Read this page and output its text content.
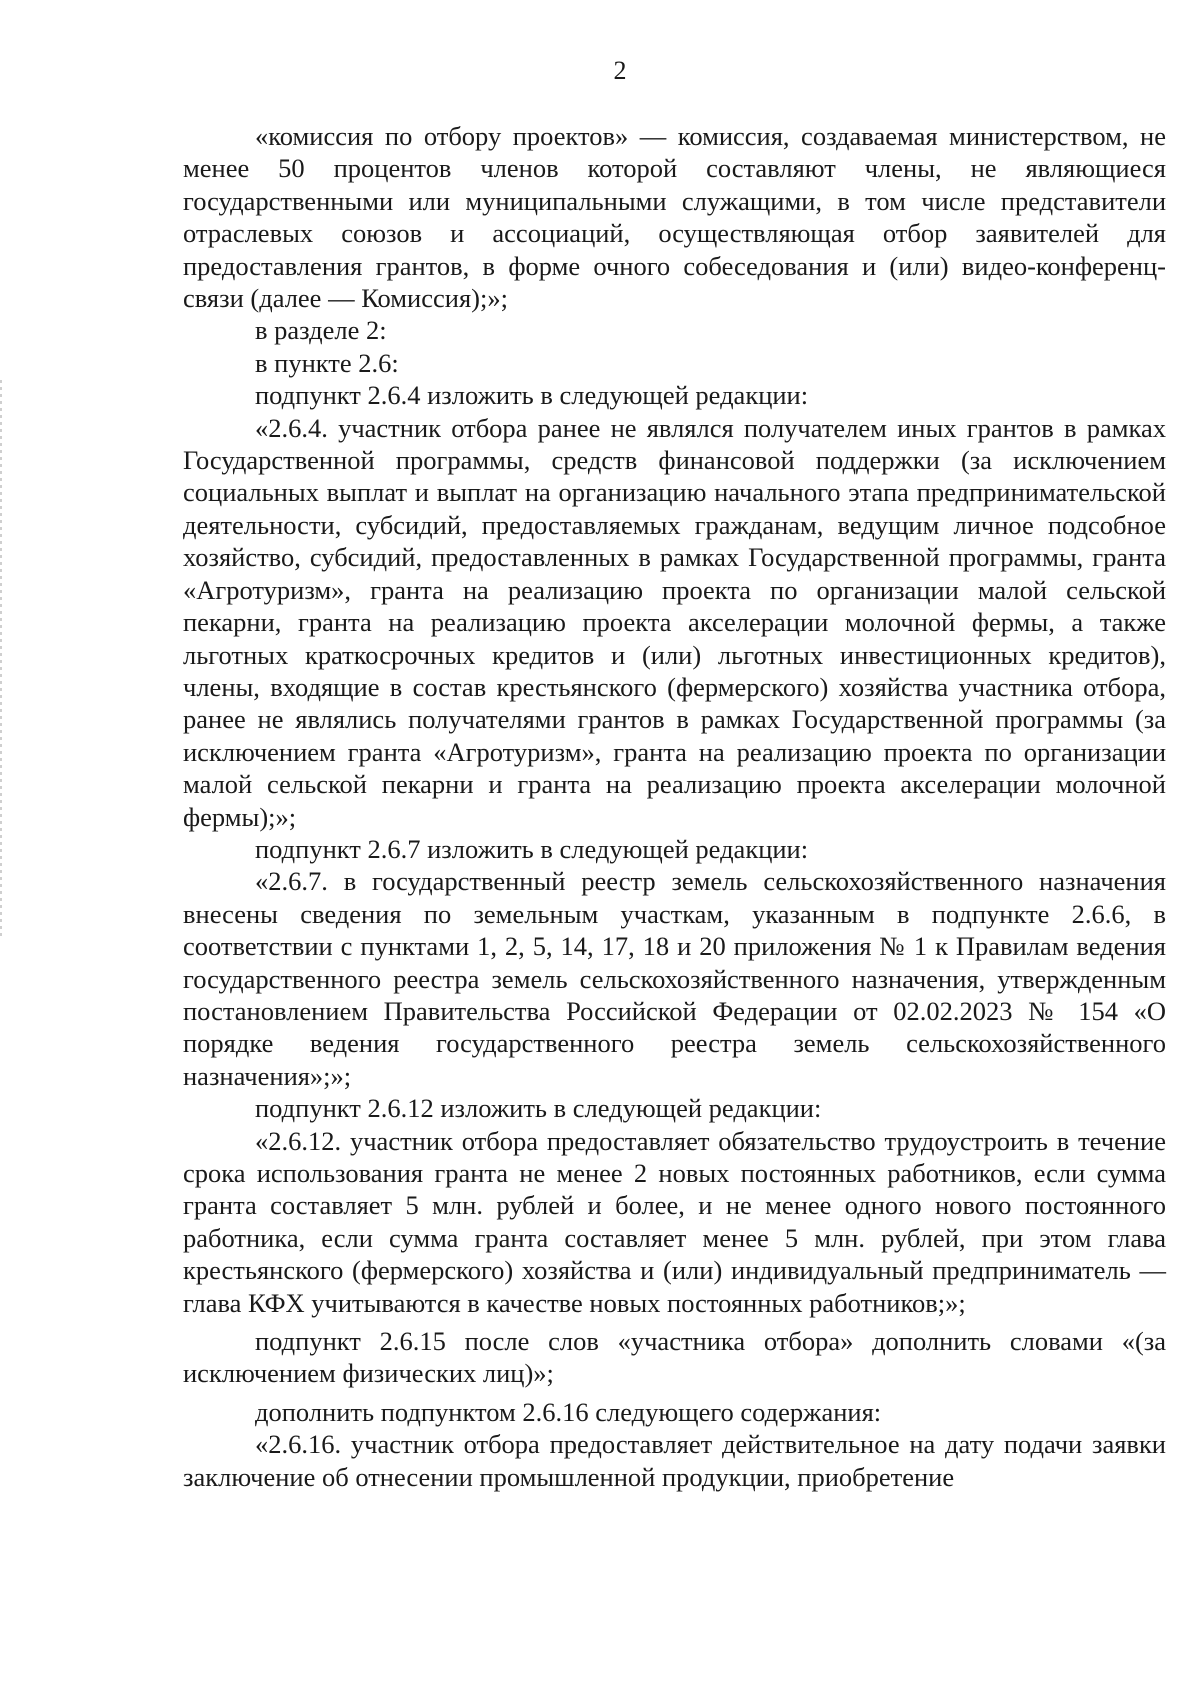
2

«комиссия по отбору проектов» — комиссия, создаваемая министерством, не менее 50 процентов членов которой составляют члены, не являющиеся государственными или муниципальными служащими, в том числе представители отраслевых союзов и ассоциаций, осуществляющая отбор заявителей для предоставления грантов, в форме очного собеседования и (или) видео-конференц-связи (далее — Комиссия);»;

в разделе 2:

в пункте 2.6:

подпункт 2.6.4 изложить в следующей редакции:

«2.6.4. участник отбора ранее не являлся получателем иных грантов в рамках Государственной программы, средств финансовой поддержки (за исключением социальных выплат и выплат на организацию начального этапа предпринимательской деятельности, субсидий, предоставляемых гражданам, ведущим личное подсобное хозяйство, субсидий, предоставленных в рамках Государственной программы, гранта «Агротуризм», гранта на реализацию проекта по организации малой сельской пекарни, гранта на реализацию проекта акселерации молочной фермы, а также льготных краткосрочных кредитов и (или) льготных инвестиционных кредитов), члены, входящие в состав крестьянского (фермерского) хозяйства участника отбора, ранее не являлись получателями грантов в рамках Государственной программы (за исключением гранта «Агротуризм», гранта на реализацию проекта по организации малой сельской пекарни и гранта на реализацию проекта акселерации молочной фермы);»;

подпункт 2.6.7 изложить в следующей редакции:

«2.6.7. в государственный реестр земель сельскохозяйственного назначения внесены сведения по земельным участкам, указанным в подпункте 2.6.6, в соответствии с пунктами 1, 2, 5, 14, 17, 18 и 20 приложения № 1 к Правилам ведения государственного реестра земель сельскохозяйственного назначения, утвержденным постановлением Правительства Российской Федерации от 02.02.2023 № 154 «О порядке ведения государственного реестра земель сельскохозяйственного назначения»;»;

подпункт 2.6.12 изложить в следующей редакции:

«2.6.12. участник отбора предоставляет обязательство трудоустроить в течение срока использования гранта не менее 2 новых постоянных работников, если сумма гранта составляет 5 млн. рублей и более, и не менее одного нового постоянного работника, если сумма гранта составляет менее 5 млн. рублей, при этом глава крестьянского (фермерского) хозяйства и (или) индивидуальный предприниматель — глава КФХ учитываются в качестве новых постоянных работников;»;

подпункт 2.6.15 после слов «участника отбора» дополнить словами «(за исключением физических лиц)»;

дополнить подпунктом 2.6.16 следующего содержания:

«2.6.16. участник отбора предоставляет действительное на дату подачи заявки заключение об отнесении промышленной продукции, приобретение
